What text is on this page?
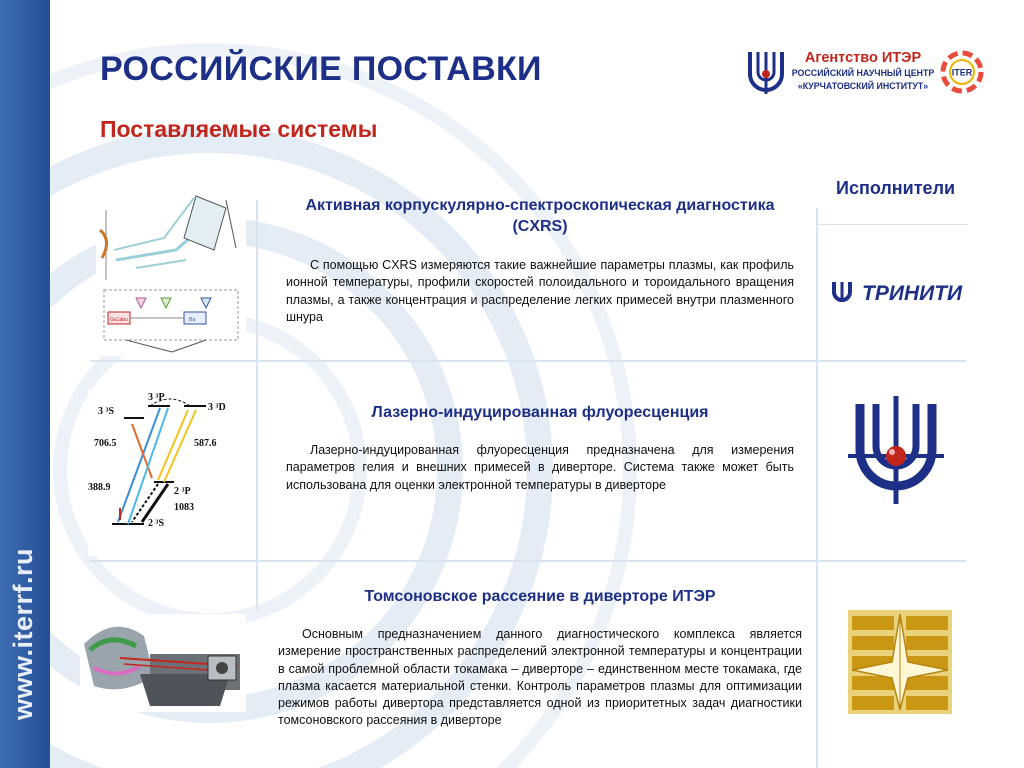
www.iterrf.ru
РОССИЙСКИЕ ПОСТАВКИ
Поставляемые системы
Агентство ИТЭР
РОССИЙСКИЙ НАУЧНЫЙ ЦЕНТР
«КУРЧАТОВСКИЙ ИНСТИТУТ»
ITER
Исполнители
Ga1abu	Ba
Активная корпускулярно-спектроскопическая диагностика (CXRS)

С помощью CXRS измеряются такие важнейшие параметры плазмы, как профиль ионной температуры, профили скоростей полоидального и тороидального вращения плазмы, а также концентрация и распределение легких примесей внутри плазменного шнура

ТРИНИТИ
3 ³S
3 ³P
3 ³D
2 ³P
2 ³S
706.5	587.6
388.9
1083
Лазерно-индуцированная флуоресценция

Лазерно-индуцированная флуоресценция предназначена для измерения параметров гелия и внешних примесей в диверторе. Система также может быть использована для оценки электронной температуры в диверторе

Томсоновское рассеяние в диверторе ИТЭР

Основным предназначением данного диагностического комплекса является измерение пространственных распределений электронной температуры и концентрации в самой проблемной области токамака – диверторе – единственном месте токамака, где плазма касается материальной стенки. Контроль параметров плазмы для оптимизации режимов работы дивертора представляется одной из приоритетных задач диагностики томсоновского рассеяния в диверторе
